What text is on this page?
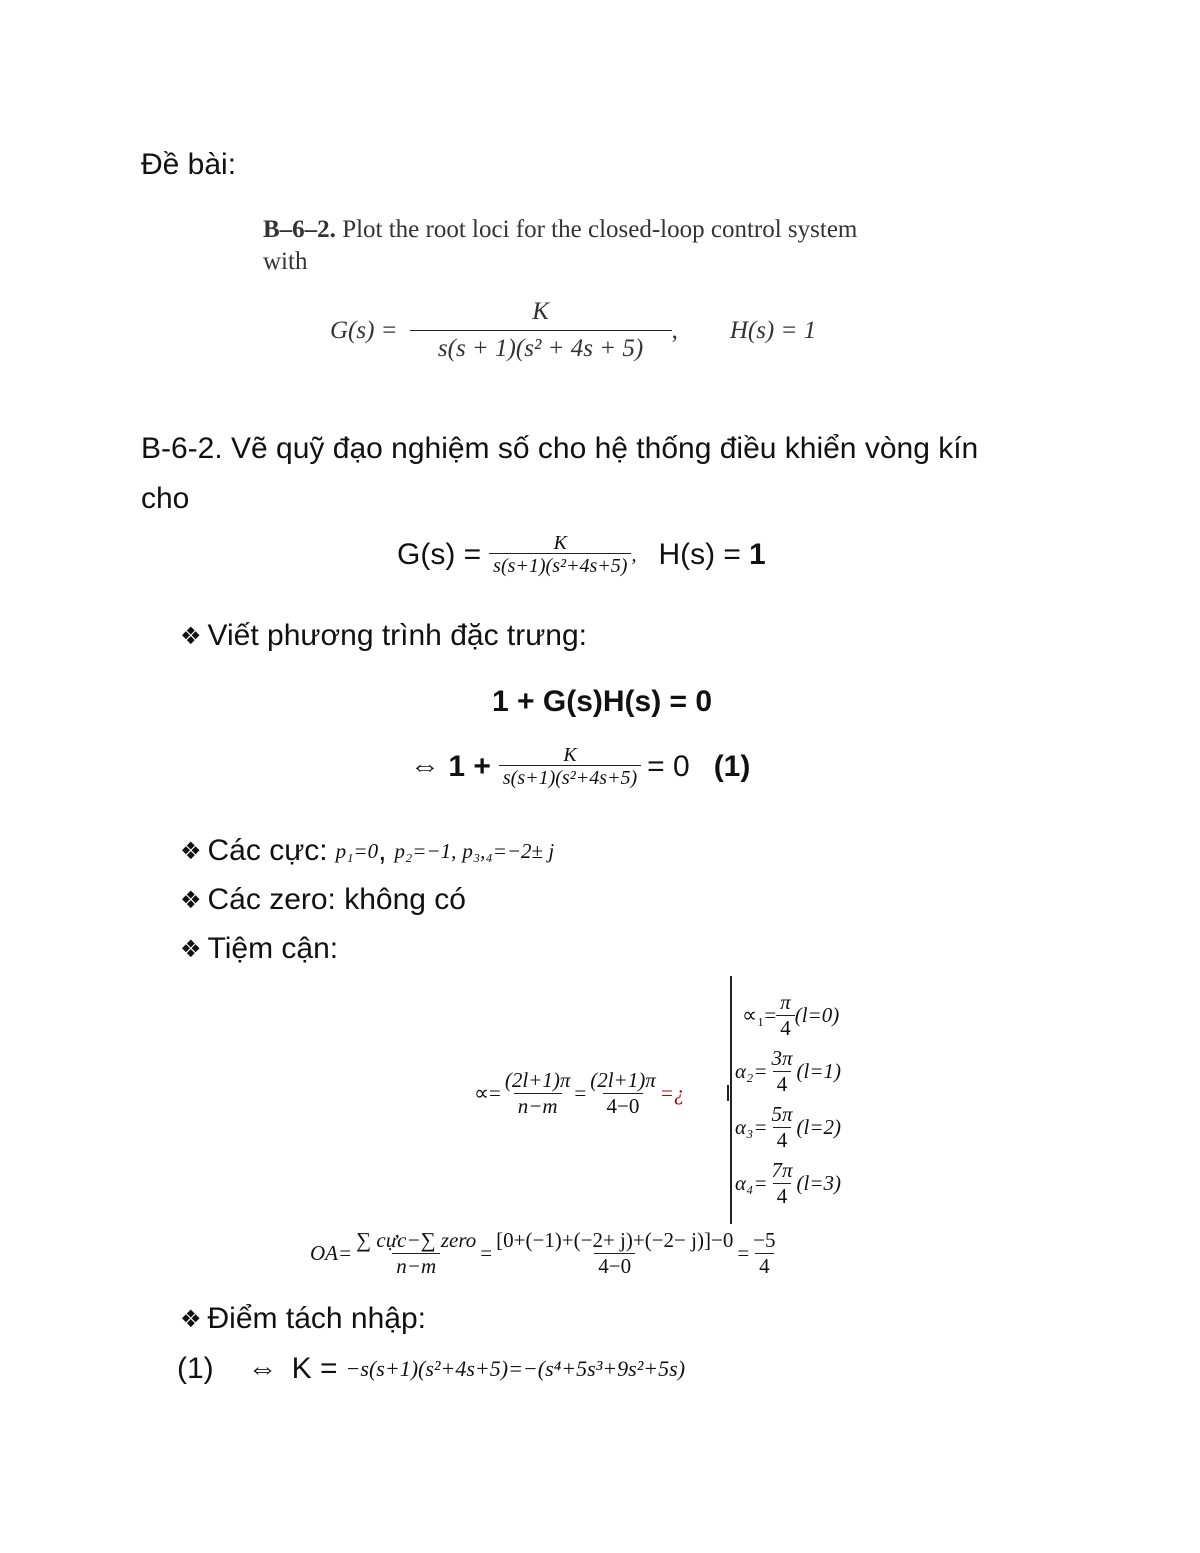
Đề bài:
B–6–2. Plot the root loci for the closed-loop control system
with
$G(s) = \frac{K}{\text{s(s + 1)(s² + 4s + 5)}}$ , H(s) = 1
B-6-2. Vẽ quỹ đạo nghiệm số cho hệ thống điều khiển vòng kín
cho
$G(s) = \frac{K}{\text{s(s+1)(s²+4s+5)}}$ , H(s) = 1
❖ Viết phương trình đặc trưng:
1 + G(s)H(s) = 0
⇔ $1 + \frac{K}{\text{s(s+1)(s²+4s+5)}} = 0$ (1)
❖ Các cực: p₁=0 , p₂=−1 , p₃,₄=−2± j
❖ Các zero: không có
❖ Tiệm cận:
∝= $\frac{(2l+1)\pi}{n-m} = \frac{(2l+1)\pi}{4-0}$ =¿
$\propto_1= \frac{\pi}{4} (l=0)$
$\alpha_2= \frac{3\pi}{4} (l=1)$
$\alpha_3= \frac{5\pi}{4} (l=2)$
$\alpha_4= \frac{7\pi}{4} (l=3)$
$OA= \frac{\text{∑ cực−∑ zero}}{n-m} = \frac{[0+(-1)+(-2+ j)+(-2- j)]-0}{4-0} = \frac{-5}{4}$
❖ Điểm tách nhập:
(1) ⇔ K = −s(s+1)(s²+4s+5)=−(s⁴+5s³+9s²+5s)
